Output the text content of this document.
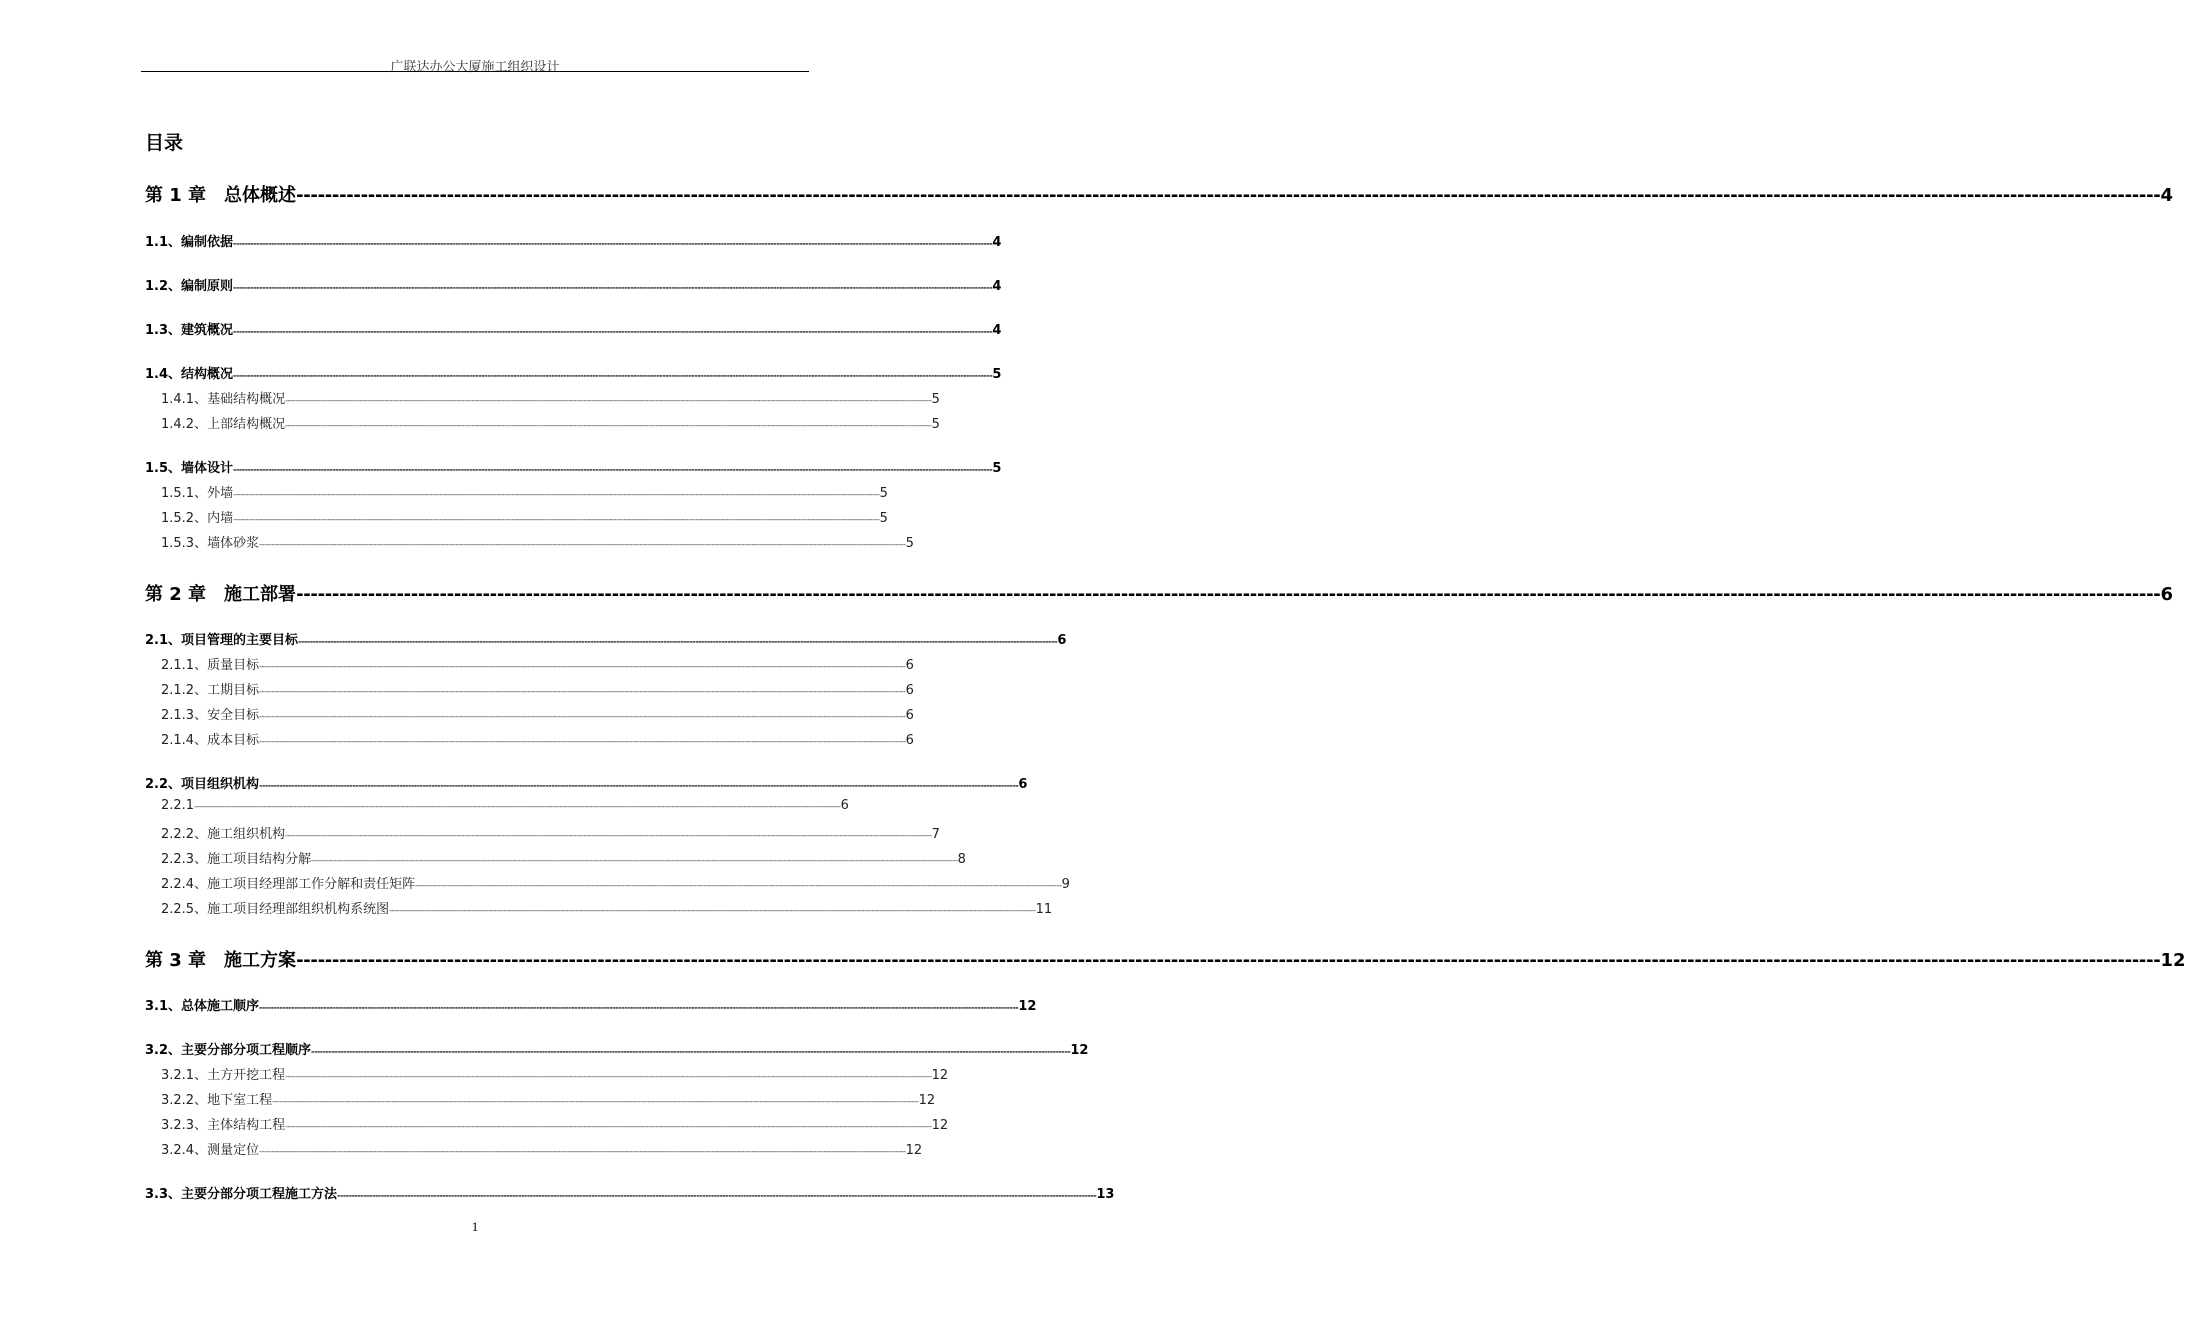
广联达办公大厦施工组织设计
目录
第 1 章　总体概述 -------------------------------------------------------------------------------------------------------------------------------------------------------------------------------------------------------------------------------------------------------------------- 4
1.1、编制依据 -------------------------------------------------------------------------------------------------------------------------------------------------------------------------------------------------------------------------------------------------------------------- 4
1.2、编制原则 -------------------------------------------------------------------------------------------------------------------------------------------------------------------------------------------------------------------------------------------------------------------- 4
1.3、建筑概况 -------------------------------------------------------------------------------------------------------------------------------------------------------------------------------------------------------------------------------------------------------------------- 4
1.4、结构概况 -------------------------------------------------------------------------------------------------------------------------------------------------------------------------------------------------------------------------------------------------------------------- 5
1.4.1、基础结构概况 -------------------------------------------------------------------------------------------------------------------------------------------------------------------------------------------------------------------------------------------------------------------- 5
1.4.2、上部结构概况 -------------------------------------------------------------------------------------------------------------------------------------------------------------------------------------------------------------------------------------------------------------------- 5
1.5、墙体设计 -------------------------------------------------------------------------------------------------------------------------------------------------------------------------------------------------------------------------------------------------------------------- 5
1.5.1、外墙 -------------------------------------------------------------------------------------------------------------------------------------------------------------------------------------------------------------------------------------------------------------------- 5
1.5.2、内墙 -------------------------------------------------------------------------------------------------------------------------------------------------------------------------------------------------------------------------------------------------------------------- 5
1.5.3、墙体砂浆 -------------------------------------------------------------------------------------------------------------------------------------------------------------------------------------------------------------------------------------------------------------------- 5
第 2 章　施工部署 -------------------------------------------------------------------------------------------------------------------------------------------------------------------------------------------------------------------------------------------------------------------- 6
2.1、项目管理的主要目标 -------------------------------------------------------------------------------------------------------------------------------------------------------------------------------------------------------------------------------------------------------------------- 6
2.1.1、质量目标 -------------------------------------------------------------------------------------------------------------------------------------------------------------------------------------------------------------------------------------------------------------------- 6
2.1.2、工期目标 -------------------------------------------------------------------------------------------------------------------------------------------------------------------------------------------------------------------------------------------------------------------- 6
2.1.3、安全目标 -------------------------------------------------------------------------------------------------------------------------------------------------------------------------------------------------------------------------------------------------------------------- 6
2.1.4、成本目标 -------------------------------------------------------------------------------------------------------------------------------------------------------------------------------------------------------------------------------------------------------------------- 6
2.2、项目组织机构 -------------------------------------------------------------------------------------------------------------------------------------------------------------------------------------------------------------------------------------------------------------------- 6
2.2.1 -------------------------------------------------------------------------------------------------------------------------------------------------------------------------------------------------------------------------------------------------------------------- 6
2.2.2、施工组织机构 -------------------------------------------------------------------------------------------------------------------------------------------------------------------------------------------------------------------------------------------------------------------- 7
2.2.3、施工项目结构分解 -------------------------------------------------------------------------------------------------------------------------------------------------------------------------------------------------------------------------------------------------------------------- 8
2.2.4、施工项目经理部工作分解和责任矩阵 -------------------------------------------------------------------------------------------------------------------------------------------------------------------------------------------------------------------------------------------------------------------- 9
2.2.5、施工项目经理部组织机构系统图 -------------------------------------------------------------------------------------------------------------------------------------------------------------------------------------------------------------------------------------------------------------------- 11
第 3 章　施工方案 -------------------------------------------------------------------------------------------------------------------------------------------------------------------------------------------------------------------------------------------------------------------- 12
3.1、总体施工顺序 -------------------------------------------------------------------------------------------------------------------------------------------------------------------------------------------------------------------------------------------------------------------- 12
3.2、主要分部分项工程顺序 -------------------------------------------------------------------------------------------------------------------------------------------------------------------------------------------------------------------------------------------------------------------- 12
3.2.1、土方开挖工程 -------------------------------------------------------------------------------------------------------------------------------------------------------------------------------------------------------------------------------------------------------------------- 12
3.2.2、地下室工程 -------------------------------------------------------------------------------------------------------------------------------------------------------------------------------------------------------------------------------------------------------------------- 12
3.2.3、主体结构工程 -------------------------------------------------------------------------------------------------------------------------------------------------------------------------------------------------------------------------------------------------------------------- 12
3.2.4、测量定位 -------------------------------------------------------------------------------------------------------------------------------------------------------------------------------------------------------------------------------------------------------------------- 12
3.3、主要分部分项工程施工方法 -------------------------------------------------------------------------------------------------------------------------------------------------------------------------------------------------------------------------------------------------------------------- 13
1
